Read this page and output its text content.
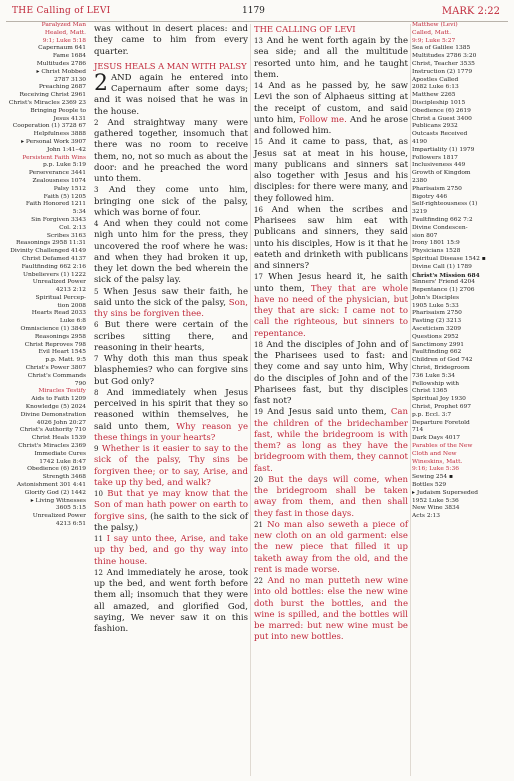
THE Calling of LEVI	1179	MARK 2:22
Paralyzed Man
Healed, Matt.
9:1; Luke 5:18
Capernaum 641
Fame 1684
Multitudes 2786
▸ Christ Mobbed
2787 3130
Preaching 2687
Receiving Christ 2961
Christ's Miracles 2369 23
Bringing People to
Jesus 4131
Cooperation (1) 3728 67
Helpfulness 3888
▸ Personal Work 3907
John 1:41–42
Persistent Faith Wins
p.p. Luke 5:19
Perseverance 3441
Zealousness 1074
Palsy 1512
Faith (5) 1205
Faith Honored 1211
5:34
Sin Forgiven 3343
Col. 2:13
Scribes 3163
Reasonings 2958 11:31
Divinity Challenged 4149
Christ Defamed 4137
Faultfinding 662 2:16
Unbelievers (1) 1222
Unrealized Power
4213 2:12
Spiritual Percep-
tion 2008
Hearts Read 2033
Luke 6:8
Omniscience (1) 3849
Reasonings 2958
Christ Reproves 798
Evil Heart 1545
p.p. Matt. 9:5
Christ's Power 3807
Christ's Commands
790
Miracles Testify
Aids to Faith 1209
Knowledge (5) 2024
Divine Demonstration
4026 John 20:27
Christ's Authority 710
Christ Heals 1539
Christ's Miracles 2369
Immediate Cures
1742 Luke 8:47
Obedience (6) 2619
Strength 3468
Astonishment 301 4:41
Glorify God (2) 1442
▸ Living Witnesses
3605 5:15
Unrealized Power
4213 6:51
Matthew (Levi)
Called, Matt.
9:9; Luke 5:27
Sea of Galilee 1385
Multitudes 2786 3:20
Christ, Teacher 3535
Instruction (2) 1779
Apostles Called
2082 Luke 6:13
Matthew 2265
Discipleship 1015
Obedience (6) 2619
Christ a Guest 3400
Publicans 2932
Outcasts Received
4190
Impartiality (1) 1979
Followers 1817
Inclusiveness 449
Growth of Kingdom
2380
Pharisaism 2750
Bigotry 446
Self-righteousness (1)
3219
Faultfinding 662 7:2
Divine Condescen-
sion 807
Irony 1801 15:9
Physicians 1528
Spiritual Disease 1542 ▪
Divine Call (1) 1789
Christ's Mission 684
Sinners' Friend 4204
Repentance (1) 2706
John's Disciples
1905 Luke 5:33
Pharisaism 2750
Fasting (2) 3213
Asceticism 3209
Questions 2952
Sanctimony 2991
Faultfinding 662
Children of God 742
Christ, Bridegroom
736 Luke 5:34
Fellowship with
Christ 1365
Spiritual Joy 1930
Christ, Prophet 697
p.p. Eccl. 3:7
Departure Foretold
714
Dark Days 4017
Parables of the New
Cloth and New
Wineskins, Matt.
9:16; Luke 5:36
Sewing 254 ▪
Bottles 529
▸ Judaism Superseded
1952 Luke 5:36
New Wine 3834
Acts 2:13

was without in desert places: and they came to him from every quarter.

JESUS HEALS A MAN WITH PALSY

2 AND again he entered into Capernaum after some days; and it was noised that he was in the house.

2 And straightway many were gathered together, insomuch that there was no room to receive them, no, not so much as about the door: and he preached the word unto them.

3 And they come unto him, bringing one sick of the palsy, which was borne of four.

4 And when they could not come nigh unto him for the press, they uncovered the roof where he was: and when they had broken it up, they let down the bed wherein the sick of the palsy lay.

5 When Jesus saw their faith, he said unto the sick of the palsy, Son, thy sins be forgiven thee.

6 But there were certain of the scribes sitting there, and reasoning in their hearts,

7 Why doth this man thus speak blasphemies? who can forgive sins but God only?

8 And immediately when Jesus perceived in his spirit that they so reasoned within themselves, he said unto them, Why reason ye these things in your hearts?

9 Whether is it easier to say to the sick of the palsy, Thy sins be forgiven thee; or to say, Arise, and take up thy bed, and walk?

10 But that ye may know that the Son of man hath power on earth to forgive sins, (he saith to the sick of the palsy,)

11 I say unto thee, Arise, and take up thy bed, and go thy way into thine house.

12 And immediately he arose, took up the bed, and went forth before them all; insomuch that they were all amazed, and glorified God, saying, We never saw it on this fashion.

THE CALLING OF LEVI

13 And he went forth again by the sea side; and all the multitude resorted unto him, and he taught them.

14 And as he passed by, he saw Levi the son of Alphaeus sitting at the receipt of custom, and said unto him, Follow me. And he arose and followed him.

15 And it came to pass, that, as Jesus sat at meat in his house, many publicans and sinners sat also together with Jesus and his disciples: for there were many, and they followed him.

16 And when the scribes and Pharisees saw him eat with publicans and sinners, they said unto his disciples, How is it that he eateth and drinketh with publicans and sinners?

17 When Jesus heard it, he saith unto them, They that are whole have no need of the physician, but they that are sick: I came not to call the righteous, but sinners to repentance.

18 And the disciples of John and of the Pharisees used to fast: and they come and say unto him, Why do the disciples of John and of the Pharisees fast, but thy disciples fast not?

19 And Jesus said unto them, Can the children of the bridechamber fast, while the bridegroom is with them? as long as they have the bridegroom with them, they cannot fast.

20 But the days will come, when the bridegroom shall be taken away from them, and then shall they fast in those days.

21 No man also seweth a piece of new cloth on an old garment: else the new piece that filled it up taketh away from the old, and the rent is made worse.

22 And no man putteth new wine into old bottles: else the new wine doth burst the bottles, and the wine is spilled, and the bottles will be marred: but new wine must be put into new bottles.
